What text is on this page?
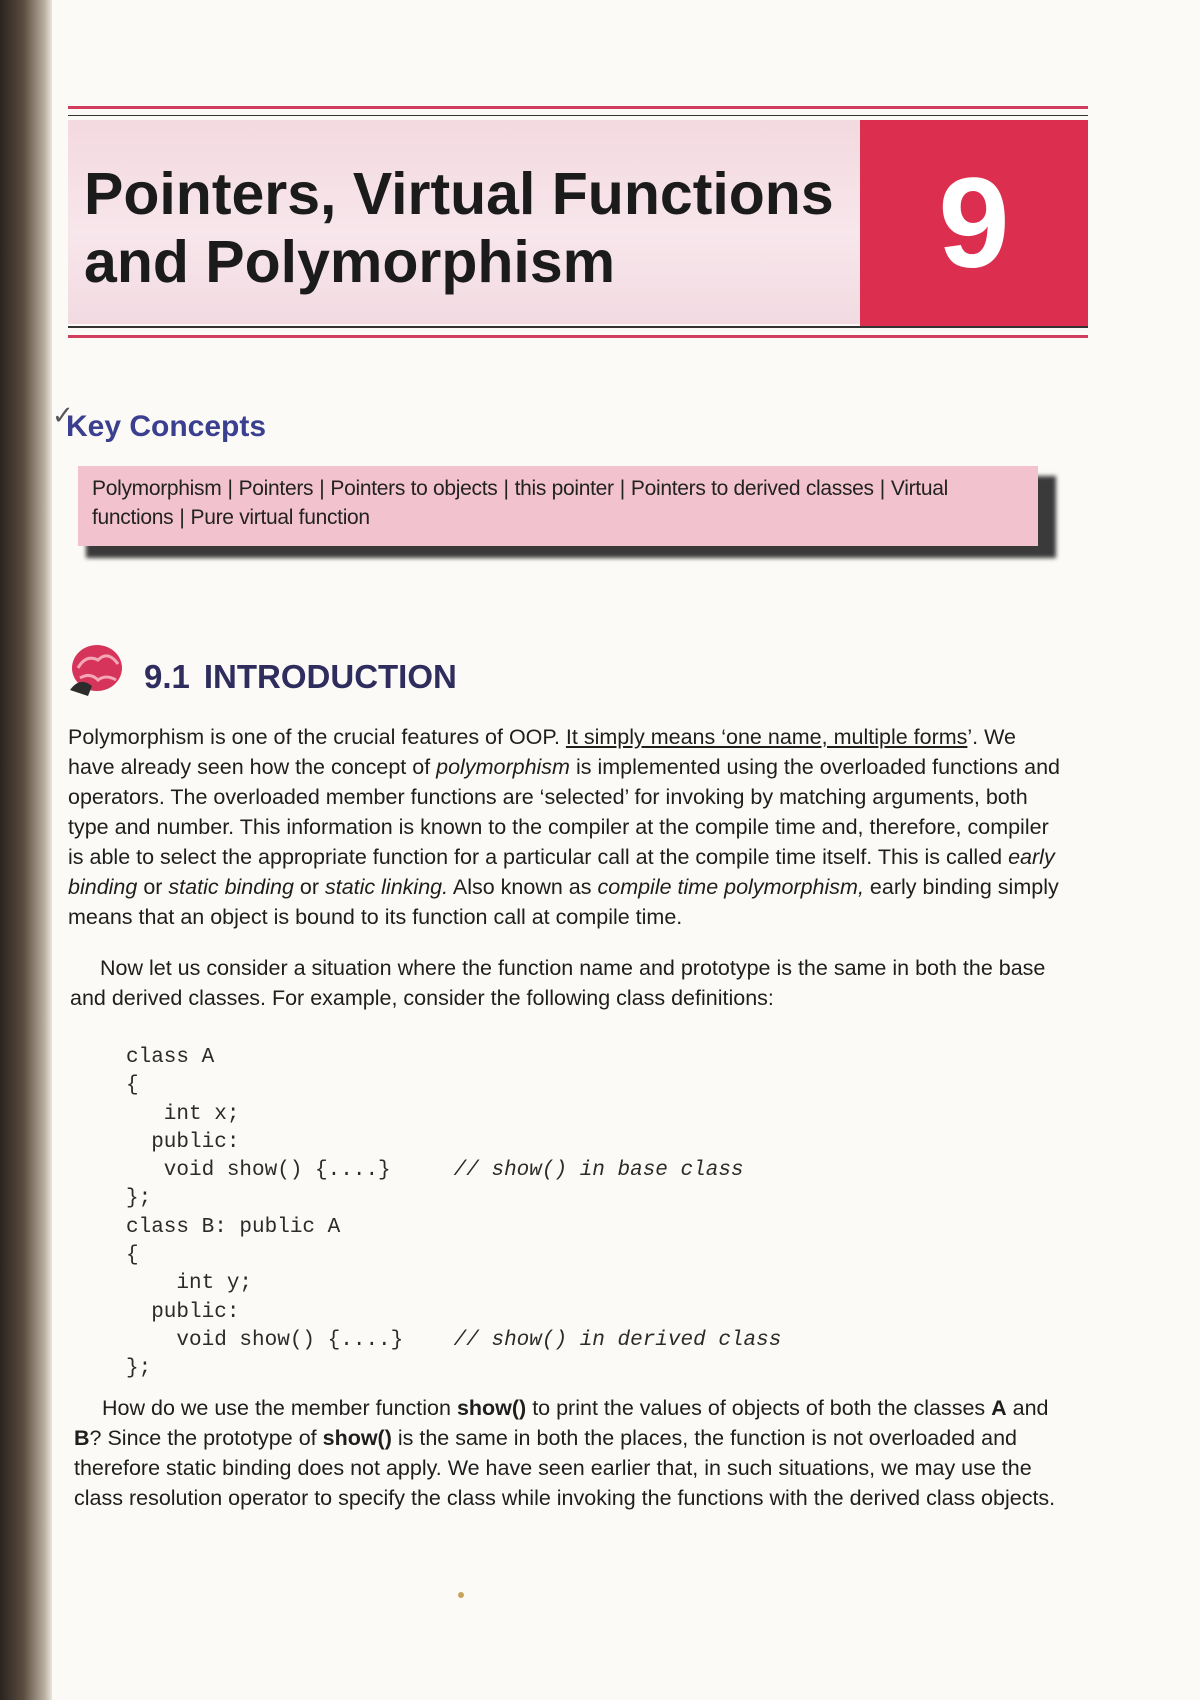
Pointers, Virtual Functions
and Polymorphism	9
✓
Key Concepts
Polymorphism | Pointers | Pointers to objects | this pointer | Pointers to derived classes | Virtual functions | Pure virtual function
9.1 INTRODUCTION

Polymorphism is one of the crucial features of OOP. It simply means ‘one name, multiple forms’. We have already seen how the concept of polymorphism is implemented using the overloaded functions and operators. The overloaded member functions are ‘selected’ for invoking by matching arguments, both type and number. This information is known to the compiler at the compile time and, therefore, compiler is able to select the appropriate function for a particular call at the compile time itself. This is called early binding or static binding or static linking. Also known as compile time polymorphism, early binding simply means that an object is bound to its function call at compile time.

Now let us consider a situation where the function name and prototype is the same in both the base and derived classes. For example, consider the following class definitions:

class A
{
int x;
public:
void show() {....}	// show() in base class
};
class B: public A
{
int y;
public:
void show() {....} // show() in derived class
};

How do we use the member function show() to print the values of objects of both the classes A and B? Since the prototype of show() is the same in both the places, the function is not overloaded and therefore static binding does not apply. We have seen earlier that, in such situations, we may use the class resolution operator to specify the class while invoking the functions with the derived class objects.
